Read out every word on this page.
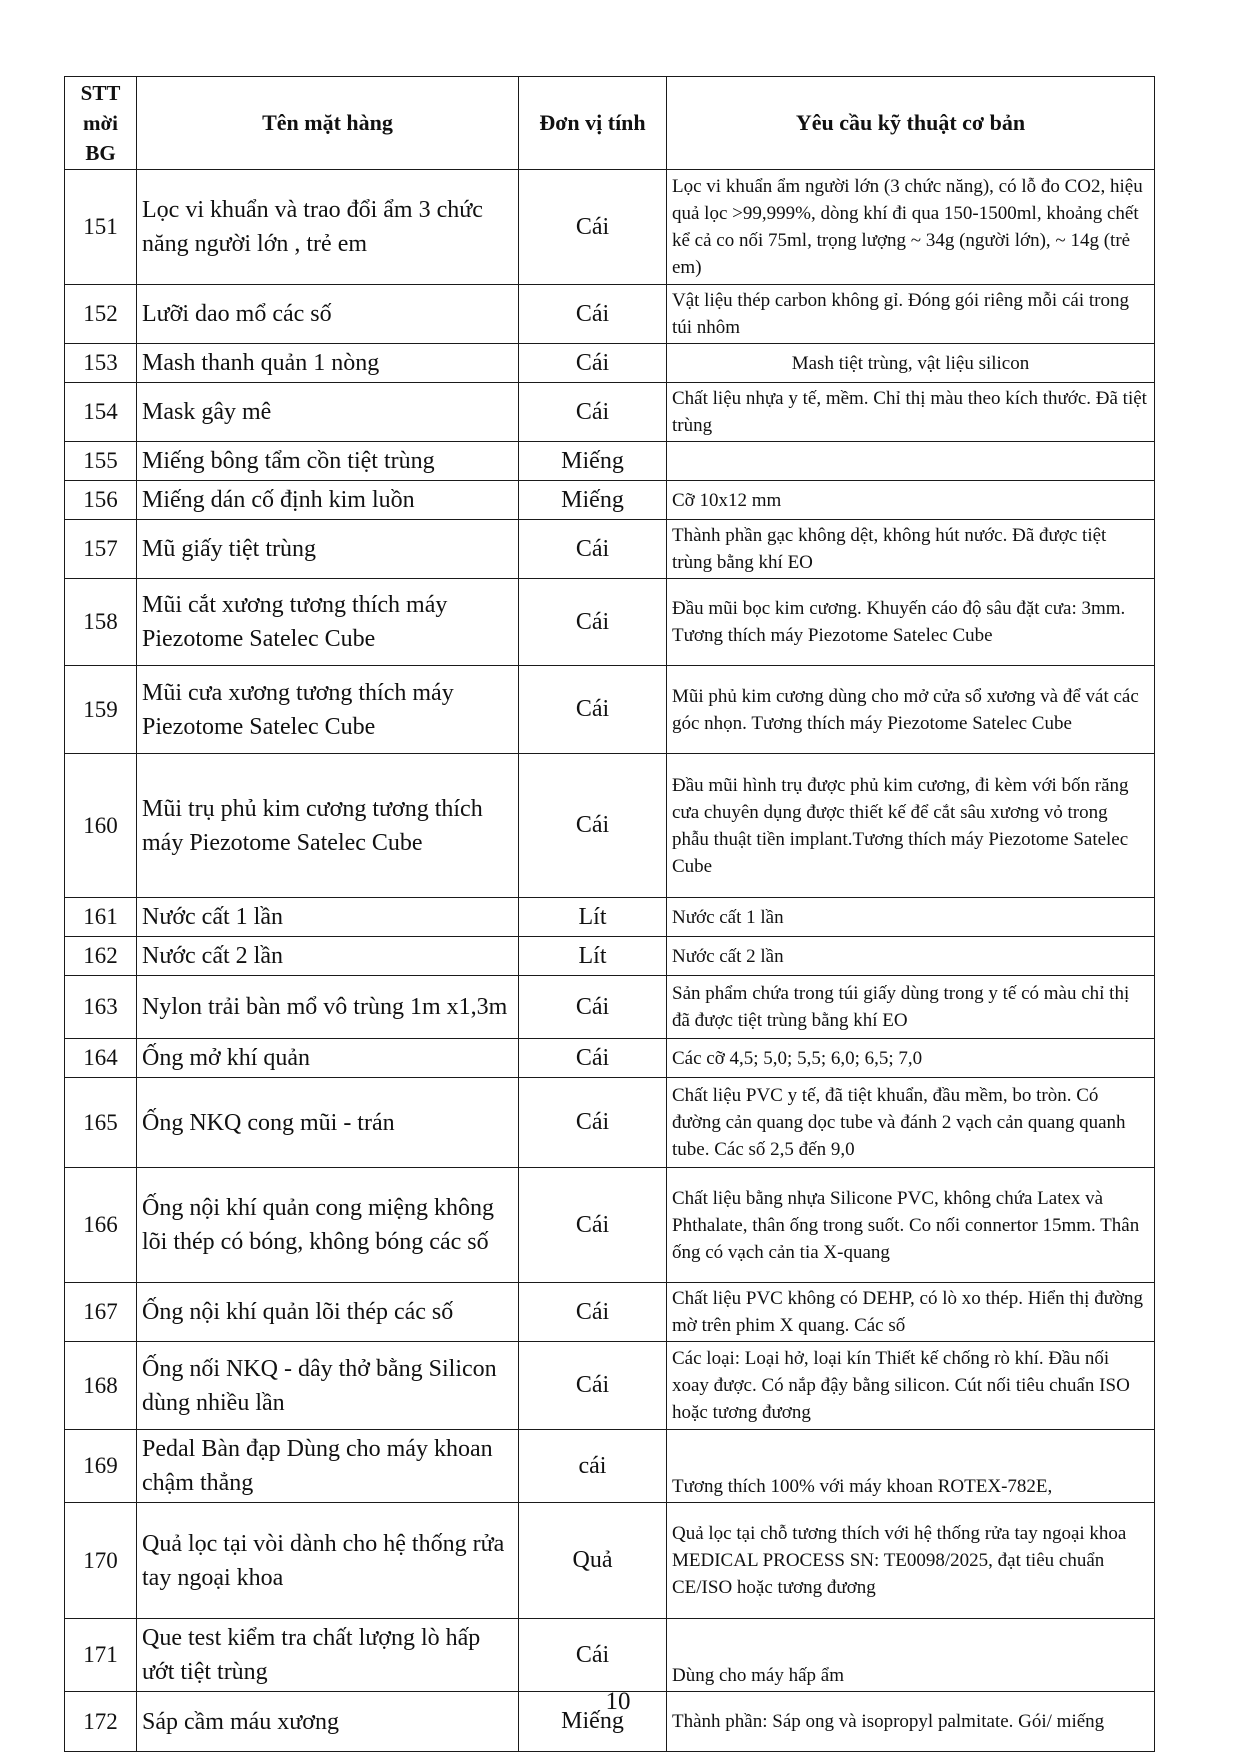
STT mời BG	Tên mặt hàng	Đơn vị tính	Yêu cầu kỹ thuật cơ bản
151	Lọc vi khuẩn và trao đổi ẩm 3 chức năng người lớn , trẻ em	Cái	Lọc vi khuẩn ẩm người lớn (3 chức năng), có lỗ đo CO2, hiệu quả lọc >99,999%, dòng khí đi qua 150-1500ml, khoảng chết kể cả co nối 75ml, trọng lượng ~ 34g (người lớn), ~ 14g (trẻ em)
152	Lưỡi dao mổ các số	Cái	Vật liệu thép carbon không gỉ. Đóng gói riêng mỗi cái trong túi nhôm
153	Mash thanh quản 1 nòng	Cái	Mash tiệt trùng, vật liệu silicon
154	Mask gây mê	Cái	Chất liệu nhựa y tế, mềm. Chỉ thị màu theo kích thước. Đã tiệt trùng
155	Miếng bông tẩm cồn tiệt trùng	Miếng	
156	Miếng dán cố định kim luồn	Miếng	Cỡ 10x12 mm
157	Mũ giấy tiệt trùng	Cái	Thành phần gạc không dệt, không hút nước. Đã được tiệt trùng bằng khí EO
158	Mũi cắt xương tương thích máy Piezotome Satelec Cube	Cái	Đầu mũi bọc kim cương. Khuyến cáo độ sâu đặt cưa: 3mm. Tương thích máy Piezotome Satelec Cube
159	Mũi cưa xương tương thích máy Piezotome Satelec Cube	Cái	Mũi phủ kim cương dùng cho mở cửa sổ xương và để vát các góc nhọn. Tương thích máy Piezotome Satelec Cube
160	Mũi trụ phủ kim cương tương thích máy Piezotome Satelec Cube	Cái	Đầu mũi hình trụ được phủ kim cương, đi kèm với bốn răng cưa chuyên dụng được thiết kế để cắt sâu xương vỏ trong phẫu thuật tiền implant.Tương thích máy Piezotome Satelec Cube
161	Nước cất 1 lần	Lít	Nước cất 1 lần
162	Nước cất 2 lần	Lít	Nước cất 2 lần
163	Nylon trải bàn mổ vô trùng 1m x1,3m	Cái	Sản phẩm chứa trong túi giấy dùng trong y tế có màu chỉ thị đã được tiệt trùng bằng khí EO
164	Ống mở khí quản	Cái	Các cỡ 4,5; 5,0; 5,5; 6,0; 6,5; 7,0
165	Ống NKQ cong mũi - trán	Cái	Chất liệu PVC y tế, đã tiệt khuẩn, đầu mềm, bo tròn. Có đường cản quang dọc tube và đánh 2 vạch cản quang quanh tube. Các số 2,5 đến 9,0
166	Ống nội khí quản cong miệng không lõi thép có bóng, không bóng các số	Cái	Chất liệu bằng nhựa Silicone PVC, không chứa Latex và Phthalate, thân ống trong suốt. Co nối connertor 15mm. Thân ống có vạch cản tia X-quang
167	Ống nội khí quản lõi thép các số	Cái	Chất liệu PVC không có DEHP, có lò xo thép. Hiển thị đường mờ trên phim X quang. Các số
168	Ống nối NKQ - dây thở bằng Silicon dùng nhiều lần	Cái	Các loại: Loại hở, loại kín Thiết kế chống rò khí. Đầu nối xoay được. Có nắp đậy bằng silicon. Cút nối tiêu chuẩn ISO hoặc tương đương
169	Pedal Bàn đạp Dùng cho máy khoan chậm thẳng	cái	Tương thích 100% với máy khoan ROTEX-782E,
170	Quả lọc tại vòi dành cho hệ thống rửa tay ngoại khoa	Quả	Quả lọc tại chỗ tương thích với hệ thống rửa tay ngoại khoa MEDICAL PROCESS SN: TE0098/2025, đạt tiêu chuẩn CE/ISO hoặc tương đương
171	Que test kiểm tra chất lượng lò hấp ướt tiệt trùng	Cái	Dùng cho máy hấp ẩm
172	Sáp cầm máu xương	Miếng	Thành phần: Sáp ong và isopropyl palmitate. Gói/ miếng
10
